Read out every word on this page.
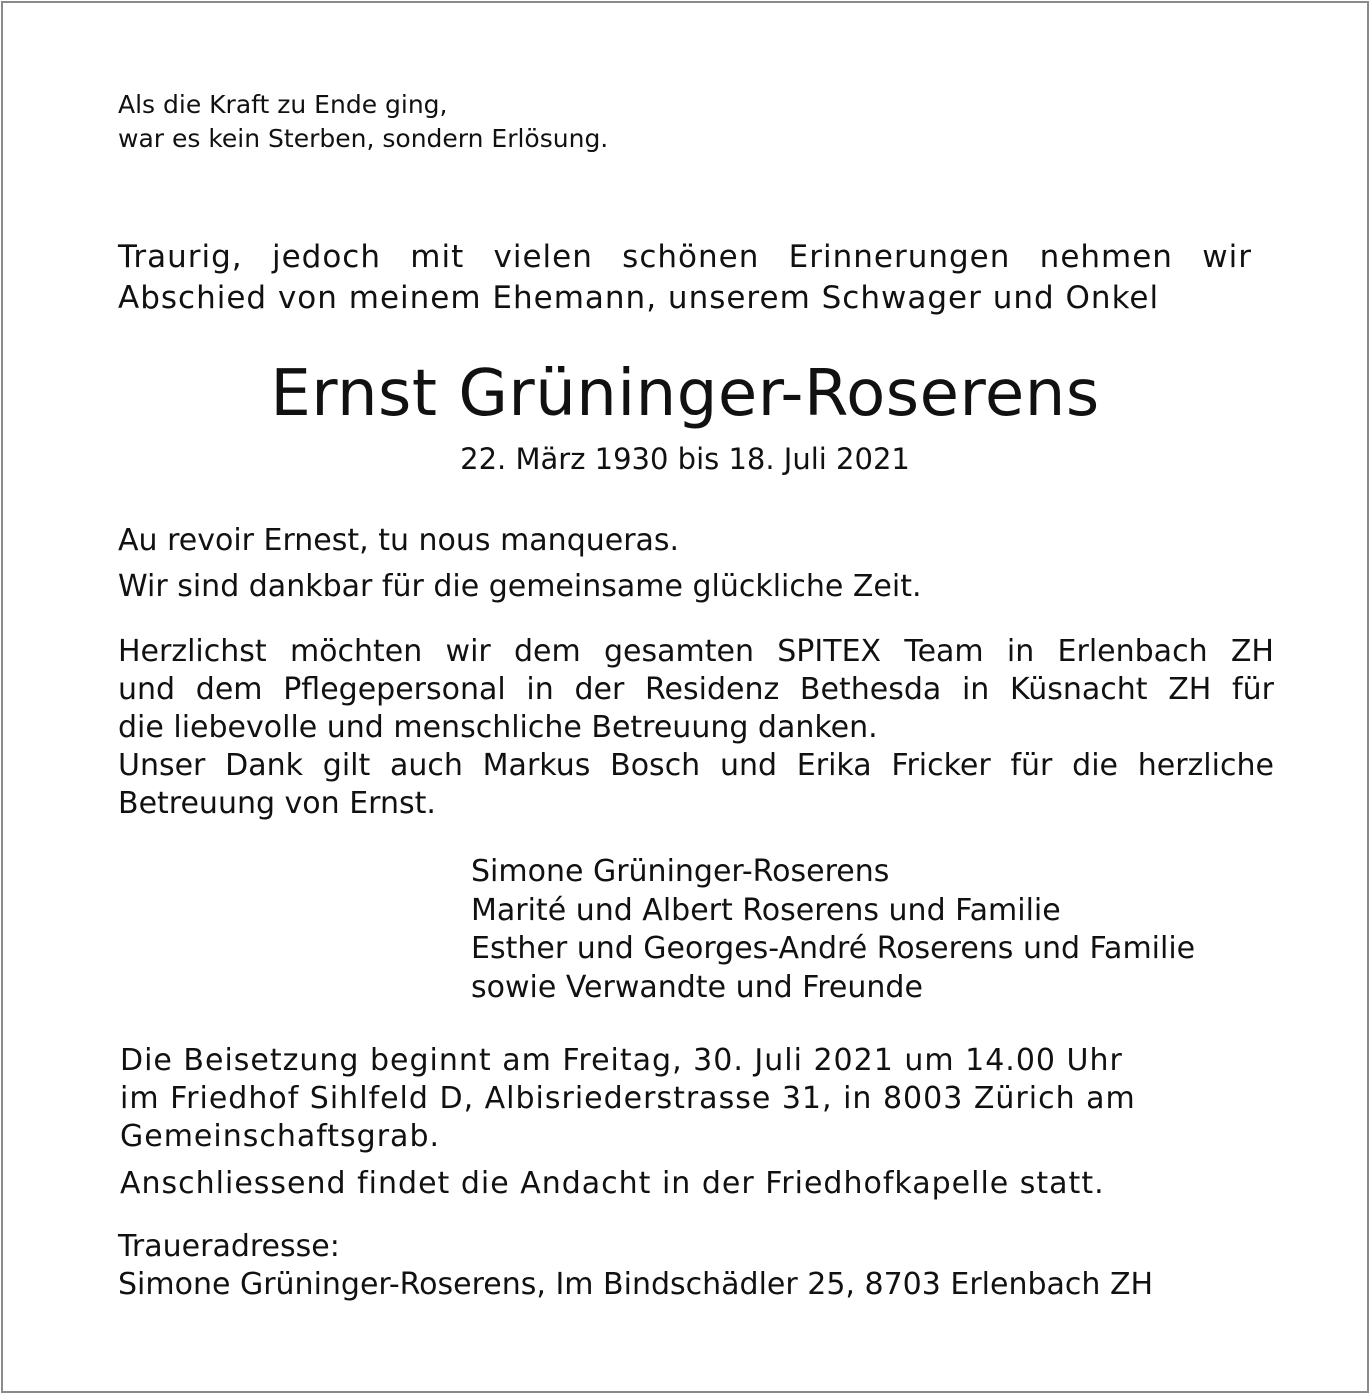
Als die Kraft zu Ende ging,
war es kein Sterben, sondern Erlösung.
Traurig, jedoch mit vielen schönen Erinnerungen nehmen wir
Abschied von meinem Ehemann, unserem Schwager und Onkel
Ernst Grüninger-Roserens
22. März 1930 bis 18. Juli 2021
Au revoir Ernest, tu nous manqueras.
Wir sind dankbar für die gemeinsame glückliche Zeit.
Herzlichst möchten wir dem gesamten SPITEX Team in Erlenbach ZH
und dem Pflegepersonal in der Residenz Bethesda in Küsnacht ZH für
die liebevolle und menschliche Betreuung danken.
Unser Dank gilt auch Markus Bosch und Erika Fricker für die herzliche
Betreuung von Ernst.
Simone Grüninger-Roserens
Marité und Albert Roserens und Familie
Esther und Georges-André Roserens und Familie
sowie Verwandte und Freunde
Die Beisetzung beginnt am Freitag, 30. Juli 2021 um 14.00 Uhr
im Friedhof Sihlfeld D, Albisriederstrasse 31, in 8003 Zürich am
Gemeinschaftsgrab.
Anschliessend findet die Andacht in der Friedhofkapelle statt.
Traueradresse:
Simone Grüninger-Roserens, Im Bindschädler 25, 8703 Erlenbach ZH
